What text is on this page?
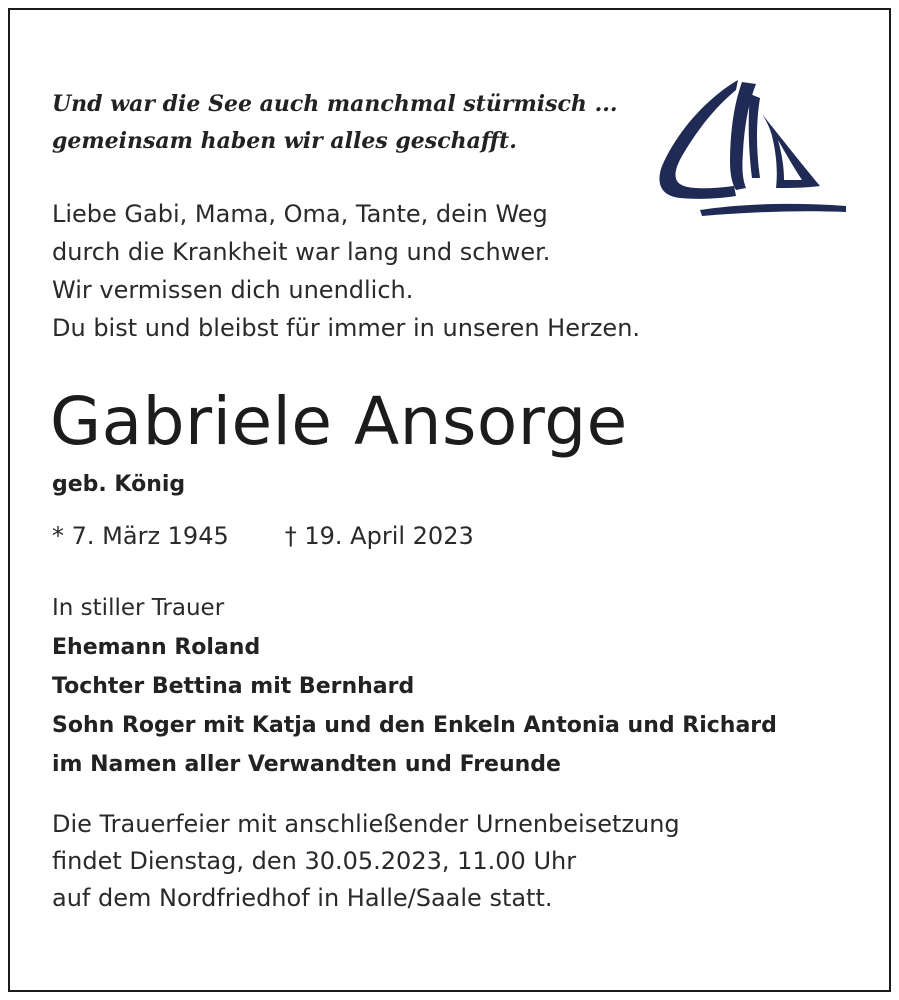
Und war die See auch manchmal stürmisch ...
gemeinsam haben wir alles geschafft.
Liebe Gabi, Mama, Oma, Tante, dein Weg
durch die Krankheit war lang und schwer.
Wir vermissen dich unendlich.
Du bist und bleibst für immer in unseren Herzen.
Gabriele Ansorge
geb. König
* 7. März 1945 † 19. April 2023
In stiller Trauer
Ehemann Roland
Tochter Bettina mit Bernhard
Sohn Roger mit Katja und den Enkeln Antonia und Richard
im Namen aller Verwandten und Freunde
Die Trauerfeier mit anschließender Urnenbeisetzung
findet Dienstag, den 30.05.2023, 11.00 Uhr
auf dem Nordfriedhof in Halle/Saale statt.
